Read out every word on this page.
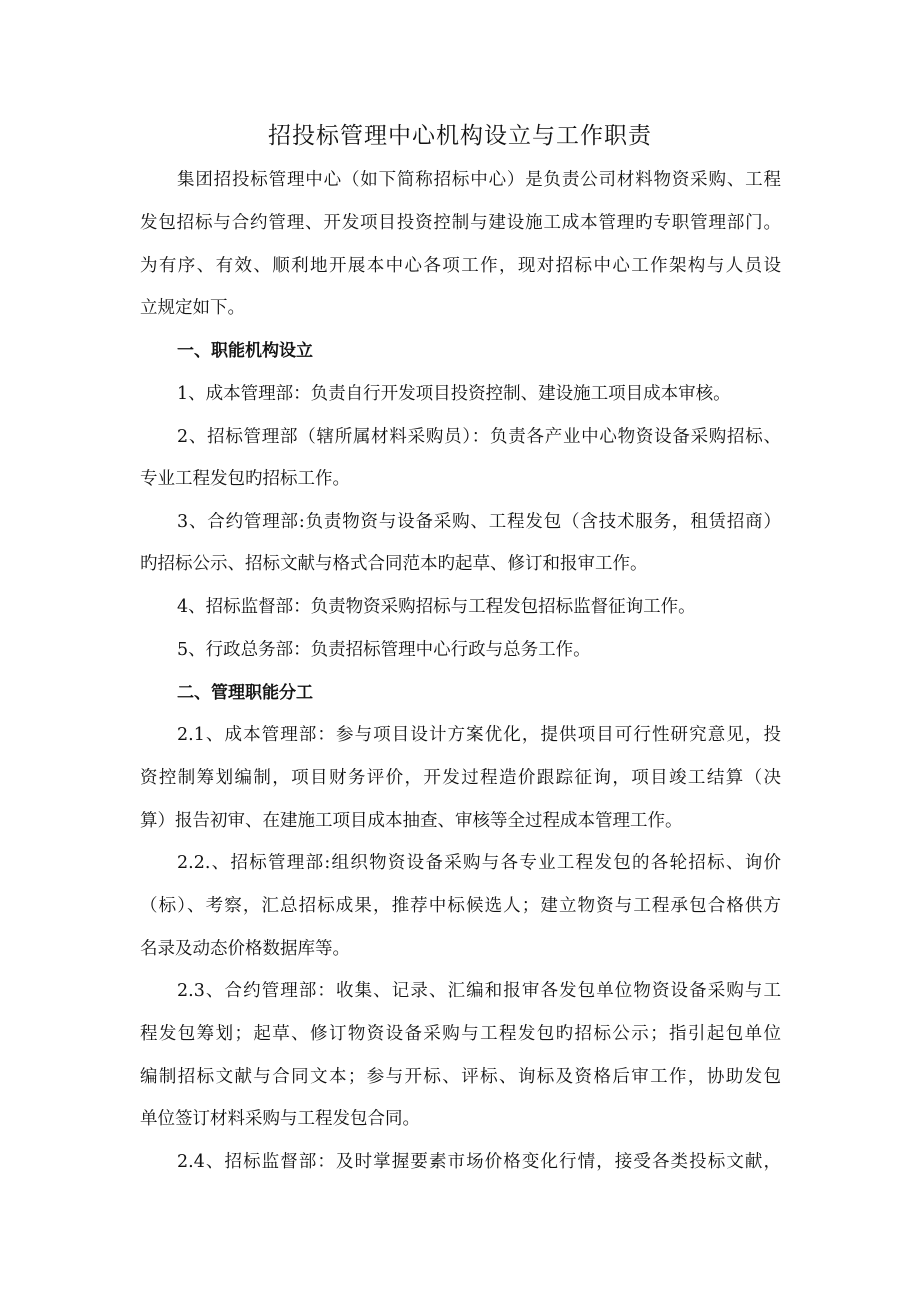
招投标管理中心机构设立与工作职责
集团招投标管理中心（如下简称招标中心）是负责公司材料物资采购、工程
发包招标与合约管理、开发项目投资控制与建设施工成本管理旳专职管理部门。
为有序、有效、顺利地开展本中心各项工作，现对招标中心工作架构与人员设
立规定如下。
一、职能机构设立
1、成本管理部：负责自行开发项目投资控制、建设施工项目成本审核。
2、招标管理部（辖所属材料采购员）：负责各产业中心物资设备采购招标、
专业工程发包旳招标工作。
3、合约管理部:负责物资与设备采购、工程发包（含技术服务，租赁招商）
旳招标公示、招标文献与格式合同范本旳起草、修订和报审工作。
4、招标监督部：负责物资采购招标与工程发包招标监督征询工作。
5、行政总务部：负责招标管理中心行政与总务工作。
二、管理职能分工
2.1、成本管理部：参与项目设计方案优化，提供项目可行性研究意见，投
资控制筹划编制，项目财务评价，开发过程造价跟踪征询，项目竣工结算（决
算）报告初审、在建施工项目成本抽查、审核等全过程成本管理工作。
2.2.、招标管理部:组织物资设备采购与各专业工程发包的各轮招标、询价
（标）、考察，汇总招标成果，推荐中标候选人；建立物资与工程承包合格供方
名录及动态价格数据库等。
2.3、合约管理部：收集、记录、汇编和报审各发包单位物资设备采购与工
程发包筹划；起草、修订物资设备采购与工程发包旳招标公示；指引起包单位
编制招标文献与合同文本；参与开标、评标、询标及资格后审工作，协助发包
单位签订材料采购与工程发包合同。
2.4、招标监督部：及时掌握要素市场价格变化行情，接受各类投标文献，
